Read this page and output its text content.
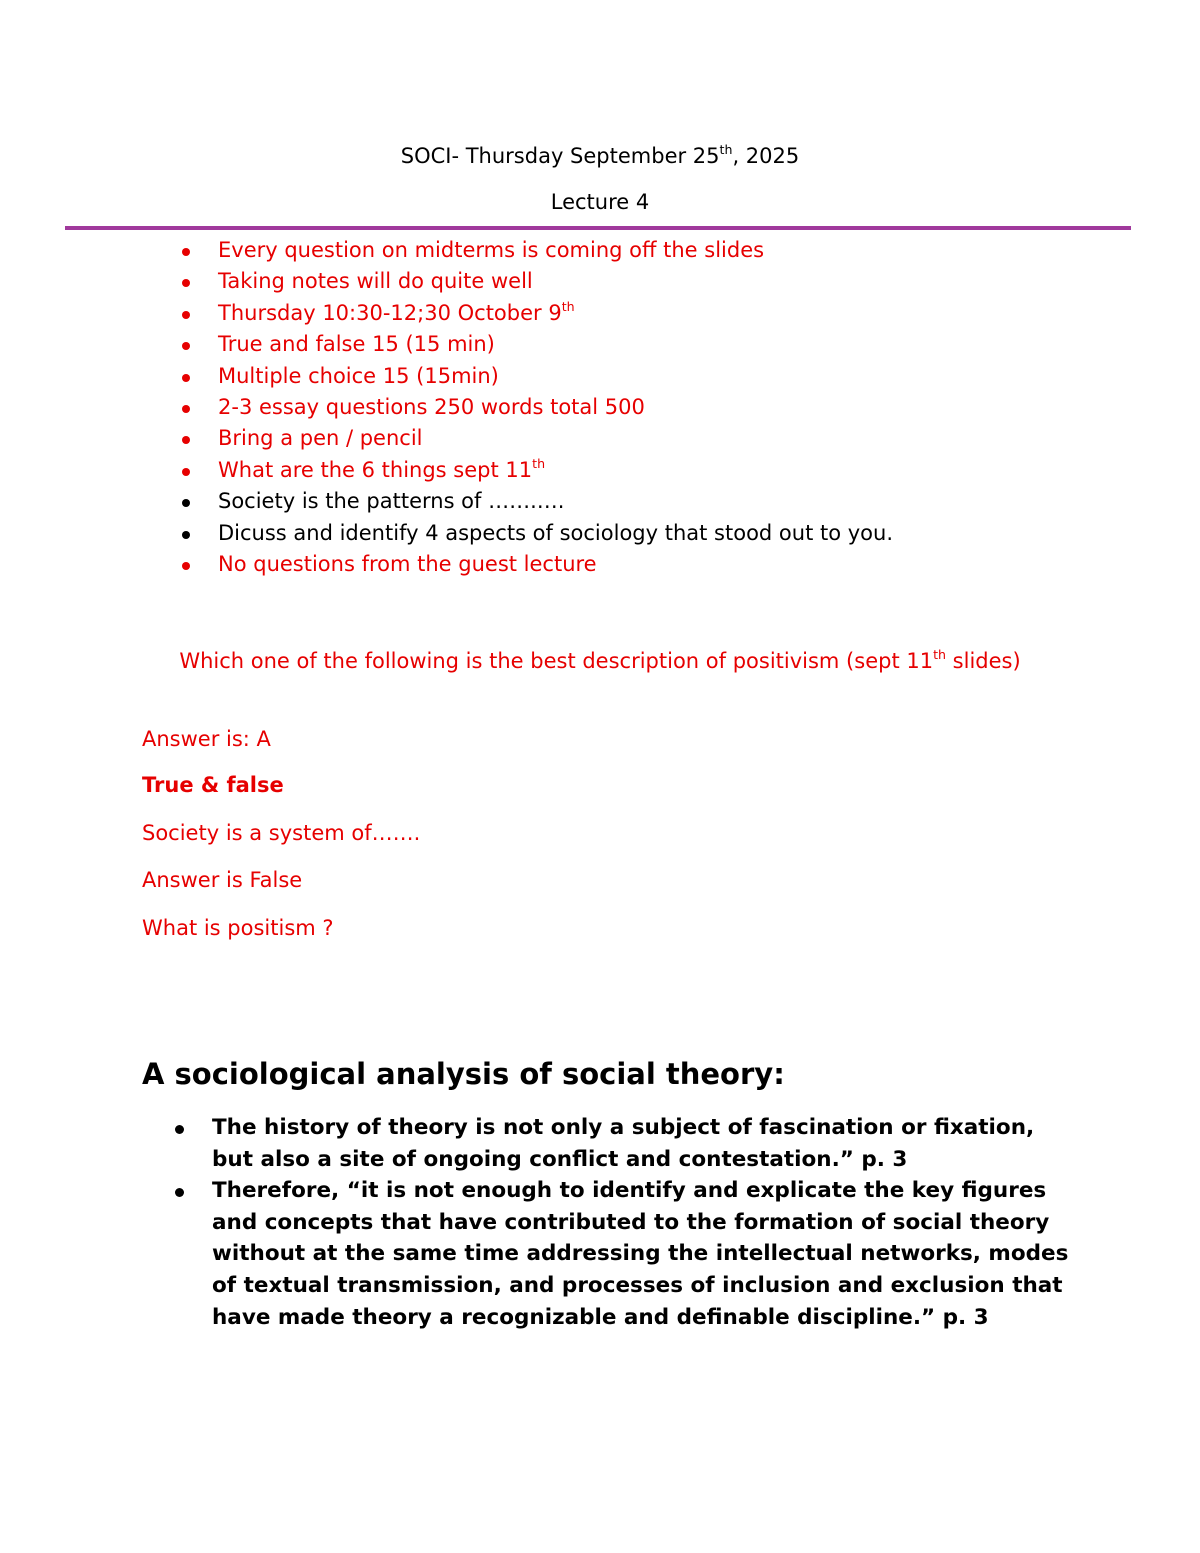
SOCI- Thursday September 25th, 2025
Lecture 4
Every question on midterms is coming off the slides
Taking notes will do quite well
Thursday 10:30-12;30 October 9th
True and false 15 (15 min)
Multiple choice 15 (15min)
2-3 essay questions 250 words total 500
Bring a pen / pencil
What are the 6 things sept 11th
Society is the patterns of …….….
Dicuss and identify 4 aspects of sociology that stood out to you.
No questions from the guest lecture
Which one of the following is the best description of positivism (sept 11th slides)
Answer is: A
True & false
Society is a system of…….
Answer is False
What is positism ?
A sociological analysis of social theory:
The history of theory is not only a subject of fascination or fixation, but also a site of ongoing conflict and contestation.” p. 3
Therefore, “it is not enough to identify and explicate the key figures and concepts that have contributed to the formation of social theory without at the same time addressing the intellectual networks, modes of textual transmission, and processes of inclusion and exclusion that have made theory a recognizable and definable discipline.” p. 3
